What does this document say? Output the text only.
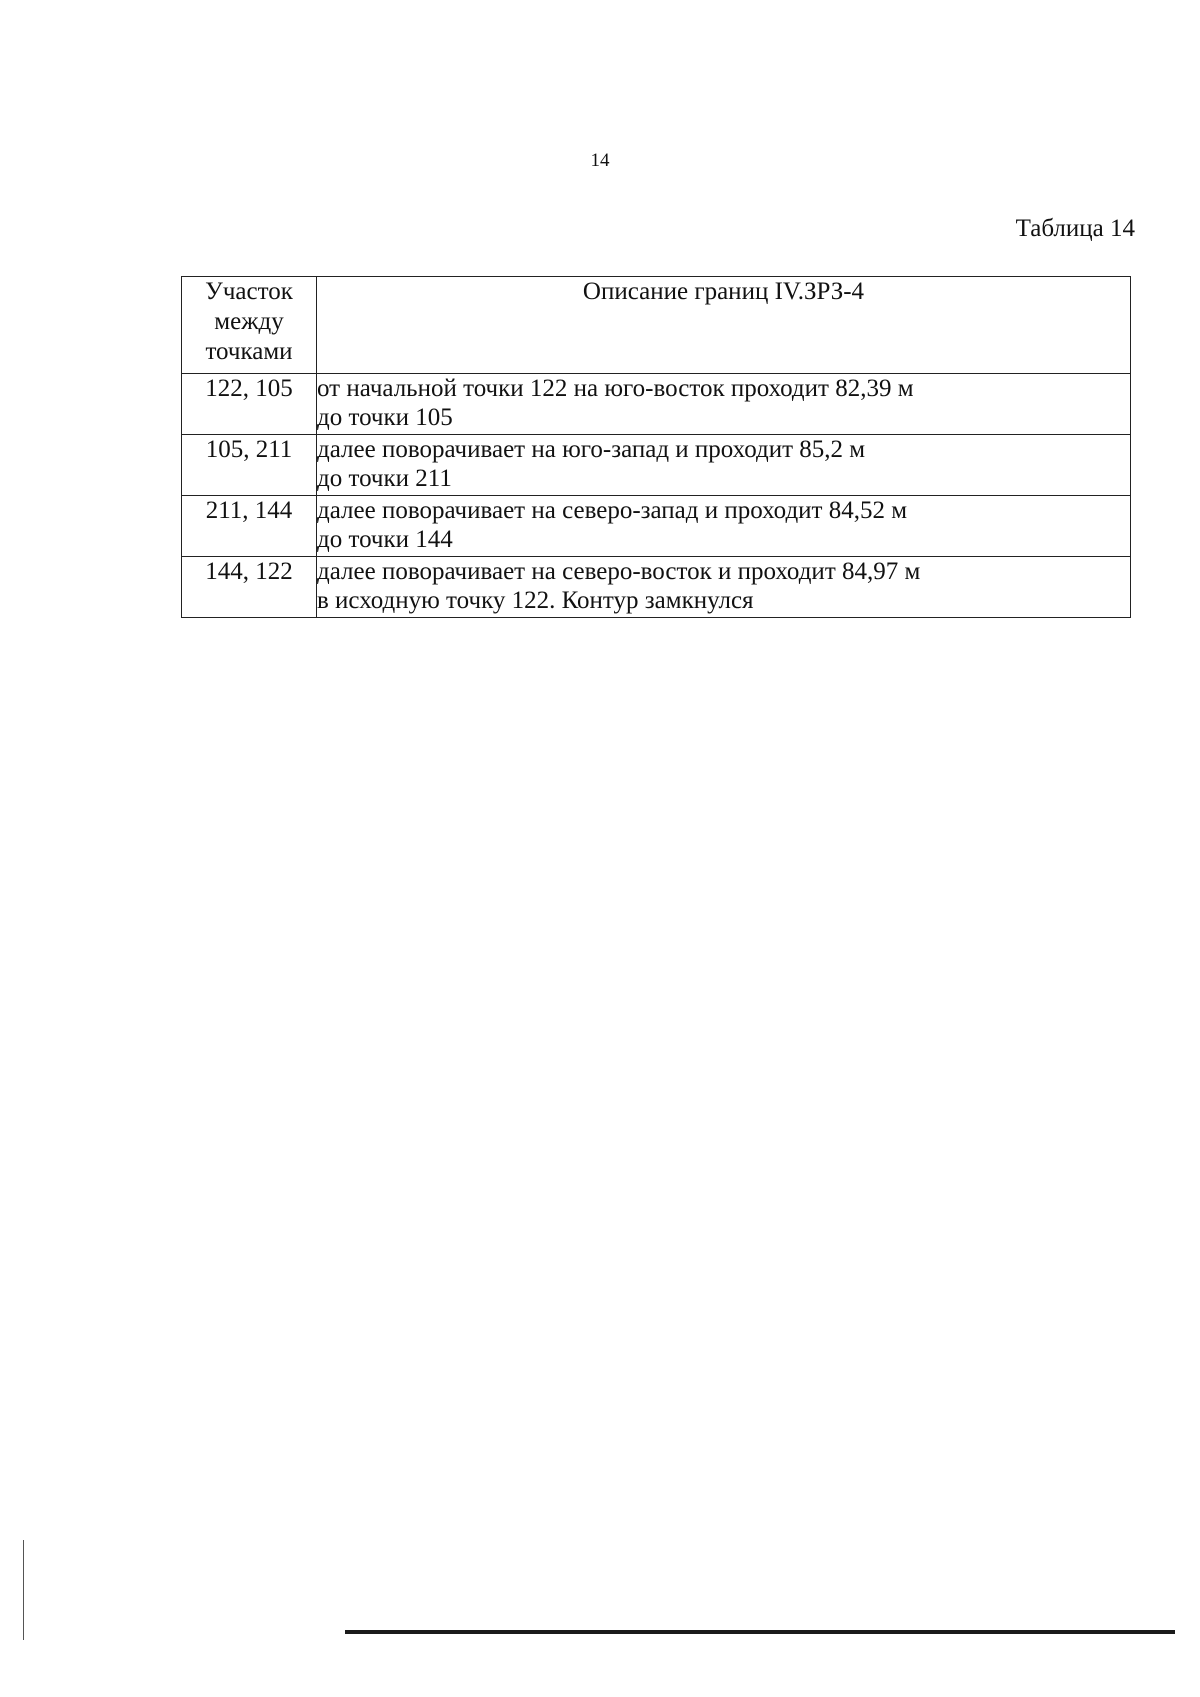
14
Таблица 14
Участок
между
точками	Описание границ IV.ЗРЗ-4
122, 105	от начальной точки 122 на юго-восток проходит 82,39 м
до точки 105

105, 211	далее поворачивает на юго-запад и проходит 85,2 м
до точки 211

211, 144	далее поворачивает на северо-запад и проходит 84,52 м
до точки 144

144, 122	далее поворачивает на северо-восток и проходит 84,97 м
в исходную точку 122. Контур замкнулся
